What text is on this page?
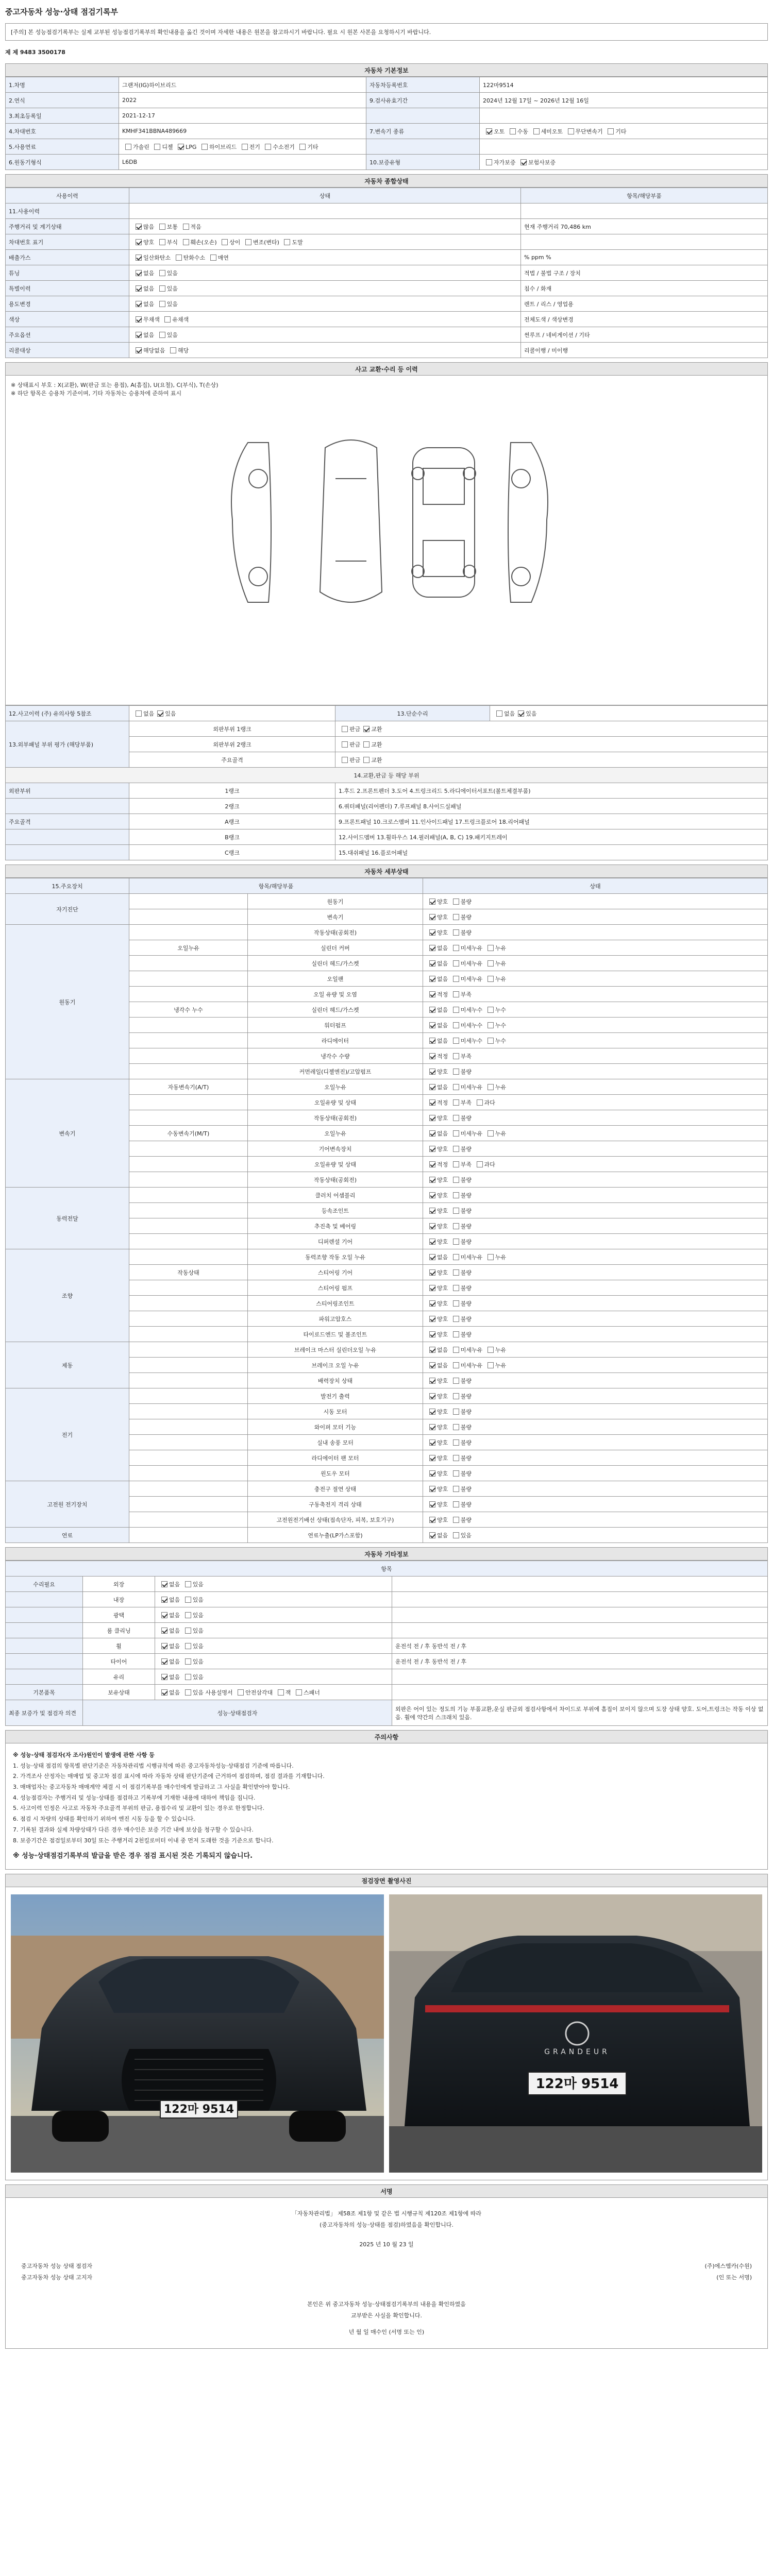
중고자동차 성능·상태 점검기록부
[주의] 본 성능점검기록부는 실제 교부된 성능점검기록부의 확인내용을 옮긴 것이며 자세한 내용은 원본을 참고하시기 바랍니다. 필요 시 원본 사본을 요청하시기 바랍니다.
제 제 9483 3500178
자동차 기본정보
1.차명	그랜저(IG)하이브리드	자동차등록번호	122마9514
2.연식	2022	9.검사유효기간	2024년 12월 17일 ~ 2026년 12월 16일
3.최초등록일	2021-12-17		
4.차대번호	KMHF341BBNA489669	7.변속기 종류	오토 수동 세미오토 무단변속기 기타
5.사용연료	가솔린 디젤 LPG 하이브리드 전기 수소전기 기타		
6.원동기형식	L6DB	10.보증유형	자가보증 보험사보증
자동차 종합상태
사용이력	상태	항목/해당부품
11.사용이력		
주행거리 및 계기상태	많음 보통 적음	현재 주행거리 70,486 km
차대번호 표기	양호 부식 훼손(오손) 상이 변조(변타) 도말	
배출가스	일산화탄소 탄화수소 매연	% ppm %
튜닝	없음 있음	적법 / 불법 구조 / 장치
특별이력	없음 있음	침수 / 화재
용도변경	없음 있음	렌트 / 리스 / 영업용
색상	무채색 유채색	전체도색 / 색상변경
주요옵션	없음 있음	썬루프 / 네비게이션 / 기타
리콜대상	해당없음 해당	리콜이행 / 미이행
사고 교환·수리 등 이력
※ 상태표시 부호 : X(교환), W(판금 또는 용접), A(흠집), U(요철), C(부식), T(손상)
※ 하단 항목은 승용차 기준이며, 기타 자동차는 승용차에 준하여 표시
12.사고이력 (주) 유의사항 5참조	없음 있음	13.단순수리	없음 있음
13.외부패널 부위 평가 (해당부품)	외판부위 1랭크	판금 교환	
	외판부위 2랭크	판금 교환	
	주요골격	판금 교환	
14.교환,판금 등 해당 부위			
외판부위	1랭크	1.후드 2.프론트펜더 3.도어 4.트렁크리드 5.라디에이터서포트(볼트체결부품)	
	2랭크	6.쿼터패널(리어펜더) 7.루프패널 8.사이드실패널	
주요골격	A랭크	9.프론트패널 10.크로스멤버 11.인사이드패널 17.트렁크플로어 18.리어패널	
	B랭크	12.사이드멤버 13.휠하우스 14.필러패널(A, B, C) 19.패키지트레이	
	C랭크	15.대쉬패널 16.플로어패널	
자동차 세부상태
15.주요장치	항목/해당부품		상태
자기진단		원동기	양호 불량
		변속기	양호 불량
원동기		작동상태(공회전)	양호 불량
	오일누유	실린더 커버	없음 미세누유 누유
		실린더 헤드/가스켓	없음 미세누유 누유
		오일팬	없음 미세누유 누유
		오일 유량 및 오염	적정 부족
	냉각수 누수	실린더 헤드/가스켓	없음 미세누수 누수
		워터펌프	없음 미세누수 누수
		라디에이터	없음 미세누수 누수
		냉각수 수량	적정 부족
		커먼레일(디젤엔진)/고압펌프	양호 불량
변속기	자동변속기(A/T)	오일누유	없음 미세누유 누유
		오일유량 및 상태	적정 부족 과다
		작동상태(공회전)	양호 불량
	수동변속기(M/T)	오일누유	없음 미세누유 누유
		기어변속장치	양호 불량
		오일유량 및 상태	적정 부족 과다
		작동상태(공회전)	양호 불량
동력전달		클러치 어셈블리	양호 불량
		등속조인트	양호 불량
		추진축 및 베어링	양호 불량
		디퍼렌셜 기어	양호 불량
조향		동력조향 작동 오일 누유	없음 미세누유 누유
	작동상태	스티어링 기어	양호 불량
		스티어링 펌프	양호 불량
		스티어링조인트	양호 불량
		파워고압호스	양호 불량
		타이로드엔드 및 볼조인트	양호 불량
제동		브레이크 마스터 실린더오일 누유	없음 미세누유 누유
		브레이크 오일 누유	없음 미세누유 누유
		배력장치 상태	양호 불량
전기		발전기 출력	양호 불량
		시동 모터	양호 불량
		와이퍼 모터 기능	양호 불량
		실내 송풍 모터	양호 불량
		라디에이터 팬 모터	양호 불량
		윈도우 모터	양호 불량
고전원 전기장치		충전구 절연 상태	양호 불량
		구동축전지 격리 상태	양호 불량
		고전원전기배선 상태(접속단자, 피복, 보호기구)	양호 불량
연료		연료누출(LP가스포함)	없음 있음
자동차 기타정보
항목			
수리필요	외장	없음 있음	
	내장	없음 있음	
	광택	없음 있음	
	룸 클리닝	없음 있음	
	휠	없음 있음	운전석 전 / 후 동반석 전 / 후
	타이어	없음 있음	운전석 전 / 후 동반석 전 / 후
	유리	없음 있음	
기본품목	보유상태	없음 있음 사용설명서 안전삼각대 잭 스패너	
최종 보증가 및 점검자 의견	성능·상태점검자		외판은 어이 있는 정도의 기능 부품교환,운실 판금외 점검사항에서 차이드로 부위에 흠집이 보이지 않으며 도장 상태 양호. 도어,트렁크는 작동 이상 없음. 휠에 약간의 스크래치 있음.
주의사항

※ 성능·상태 점검자(자 조사)원인이 발생에 관한 사항 등

1. 성능·상태 점검의 항목별 판단기준은 자동차관리법 시행규칙에 따른 중고자동차성능·상태점검 기준에 따릅니다.

2. 가격조사 산정자는 매매업 및 중고차 점검 표시에 따라 자동차 상태 판단기준에 근거하여 점검하며, 점검 결과를 기재합니다.

3. 매매업자는 중고자동차 매매계약 체결 시 이 점검기록부를 매수인에게 발급하고 그 사실을 확인받아야 합니다.

4. 성능점검자는 주행거리 및 성능·상태를 점검하고 기록부에 기재한 내용에 대하여 책임을 집니다.

5. 사고이력 인정은 사고로 자동차 주요골격 부위의 판금, 용접수리 및 교환이 있는 경우로 한정합니다.

6. 점검 시 차량의 상태를 확인하기 위하여 엔진 시동 등을 할 수 있습니다.

7. 기록된 결과와 실제 차량상태가 다른 경우 매수인은 보증 기간 내에 보상을 청구할 수 있습니다.

8. 보증기간은 점검일로부터 30일 또는 주행거리 2천킬로미터 이내 중 먼저 도래한 것을 기준으로 합니다.

※ 성능·상태점검기록부의 발급을 받은 경우 점검 표시된 것은 기록되지 않습니다.

점검장면 촬영사진
122마 9514
GRANDEUR
122마 9514
서명
「자동차관리법」 제58조 제1항 및 같은 법 시행규칙 제120조 제1항에 따라
(중고자동차의 성능·상태를 점검)하였음을 확인합니다.
2025 년 10 월 23 일
중고자동차 성능 상태 점검자
중고자동차 성능 상태 고지자
(주)에스엠카(수원)
(인 또는 서명)
본인은 위 중고자동차 성능·상태점검기록부의 내용을 확인하였음
교부받은 사실을 확인합니다.
년 월 일 매수인 (서명 또는 인)
